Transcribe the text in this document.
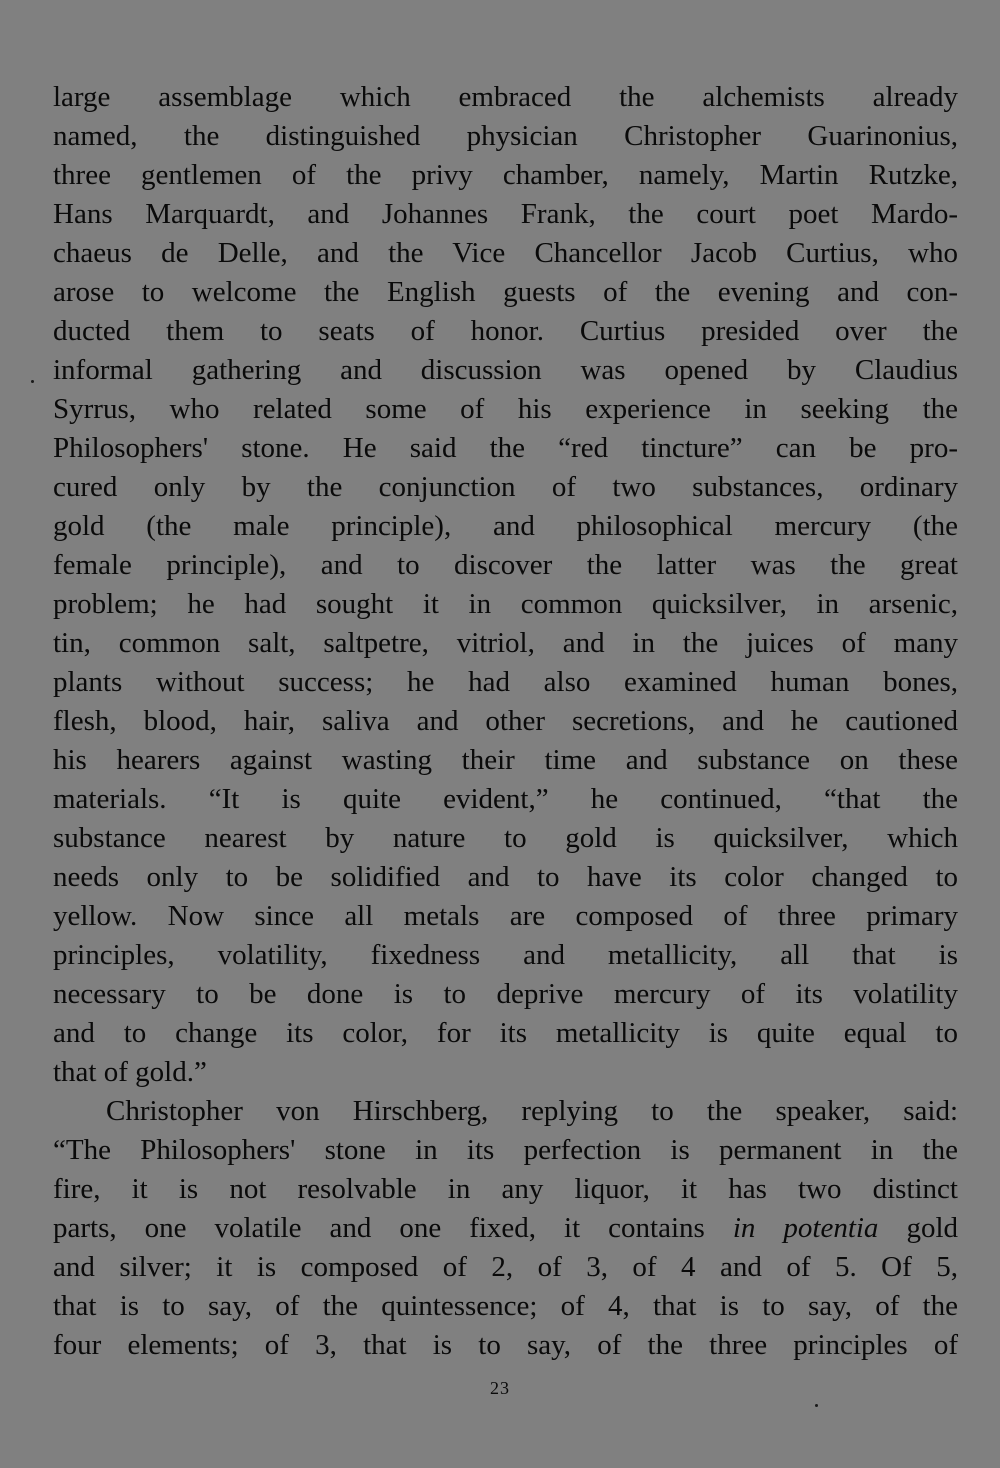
large assemblage which embraced the alchemists already
named, the distinguished physician Christopher Guarinonius,
three gentlemen of the privy chamber, namely, Martin Rutzke,
Hans Marquardt, and Johannes Frank, the court poet Mardo-
chaeus de Delle, and the Vice Chancellor Jacob Curtius, who
arose to welcome the English guests of the evening and con-
ducted them to seats of honor. Curtius presided over the
informal gathering and discussion was opened by Claudius
Syrrus, who related some of his experience in seeking the
Philosophers' stone. He said the “red tincture” can be pro-
cured only by the conjunction of two substances, ordinary
gold (the male principle), and philosophical mercury (the
female principle), and to discover the latter was the great
problem; he had sought it in common quicksilver, in arsenic,
tin, common salt, saltpetre, vitriol, and in the juices of many
plants without success; he had also examined human bones,
flesh, blood, hair, saliva and other secretions, and he cautioned
his hearers against wasting their time and substance on these
materials. “It is quite evident,” he continued, “that the
substance nearest by nature to gold is quicksilver, which
needs only to be solidified and to have its color changed to
yellow. Now since all metals are composed of three primary
principles, volatility, fixedness and metallicity, all that is
necessary to be done is to deprive mercury of its volatility
and to change its color, for its metallicity is quite equal to
that of gold.”
Christopher von Hirschberg, replying to the speaker, said:
“The Philosophers' stone in its perfection is permanent in the
fire, it is not resolvable in any liquor, it has two distinct
parts, one volatile and one fixed, it contains in potentia gold
and silver; it is composed of 2, of 3, of 4 and of 5. Of 5,
that is to say, of the quintessence; of 4, that is to say, of the
four elements; of 3, that is to say, of the three principles of
23
